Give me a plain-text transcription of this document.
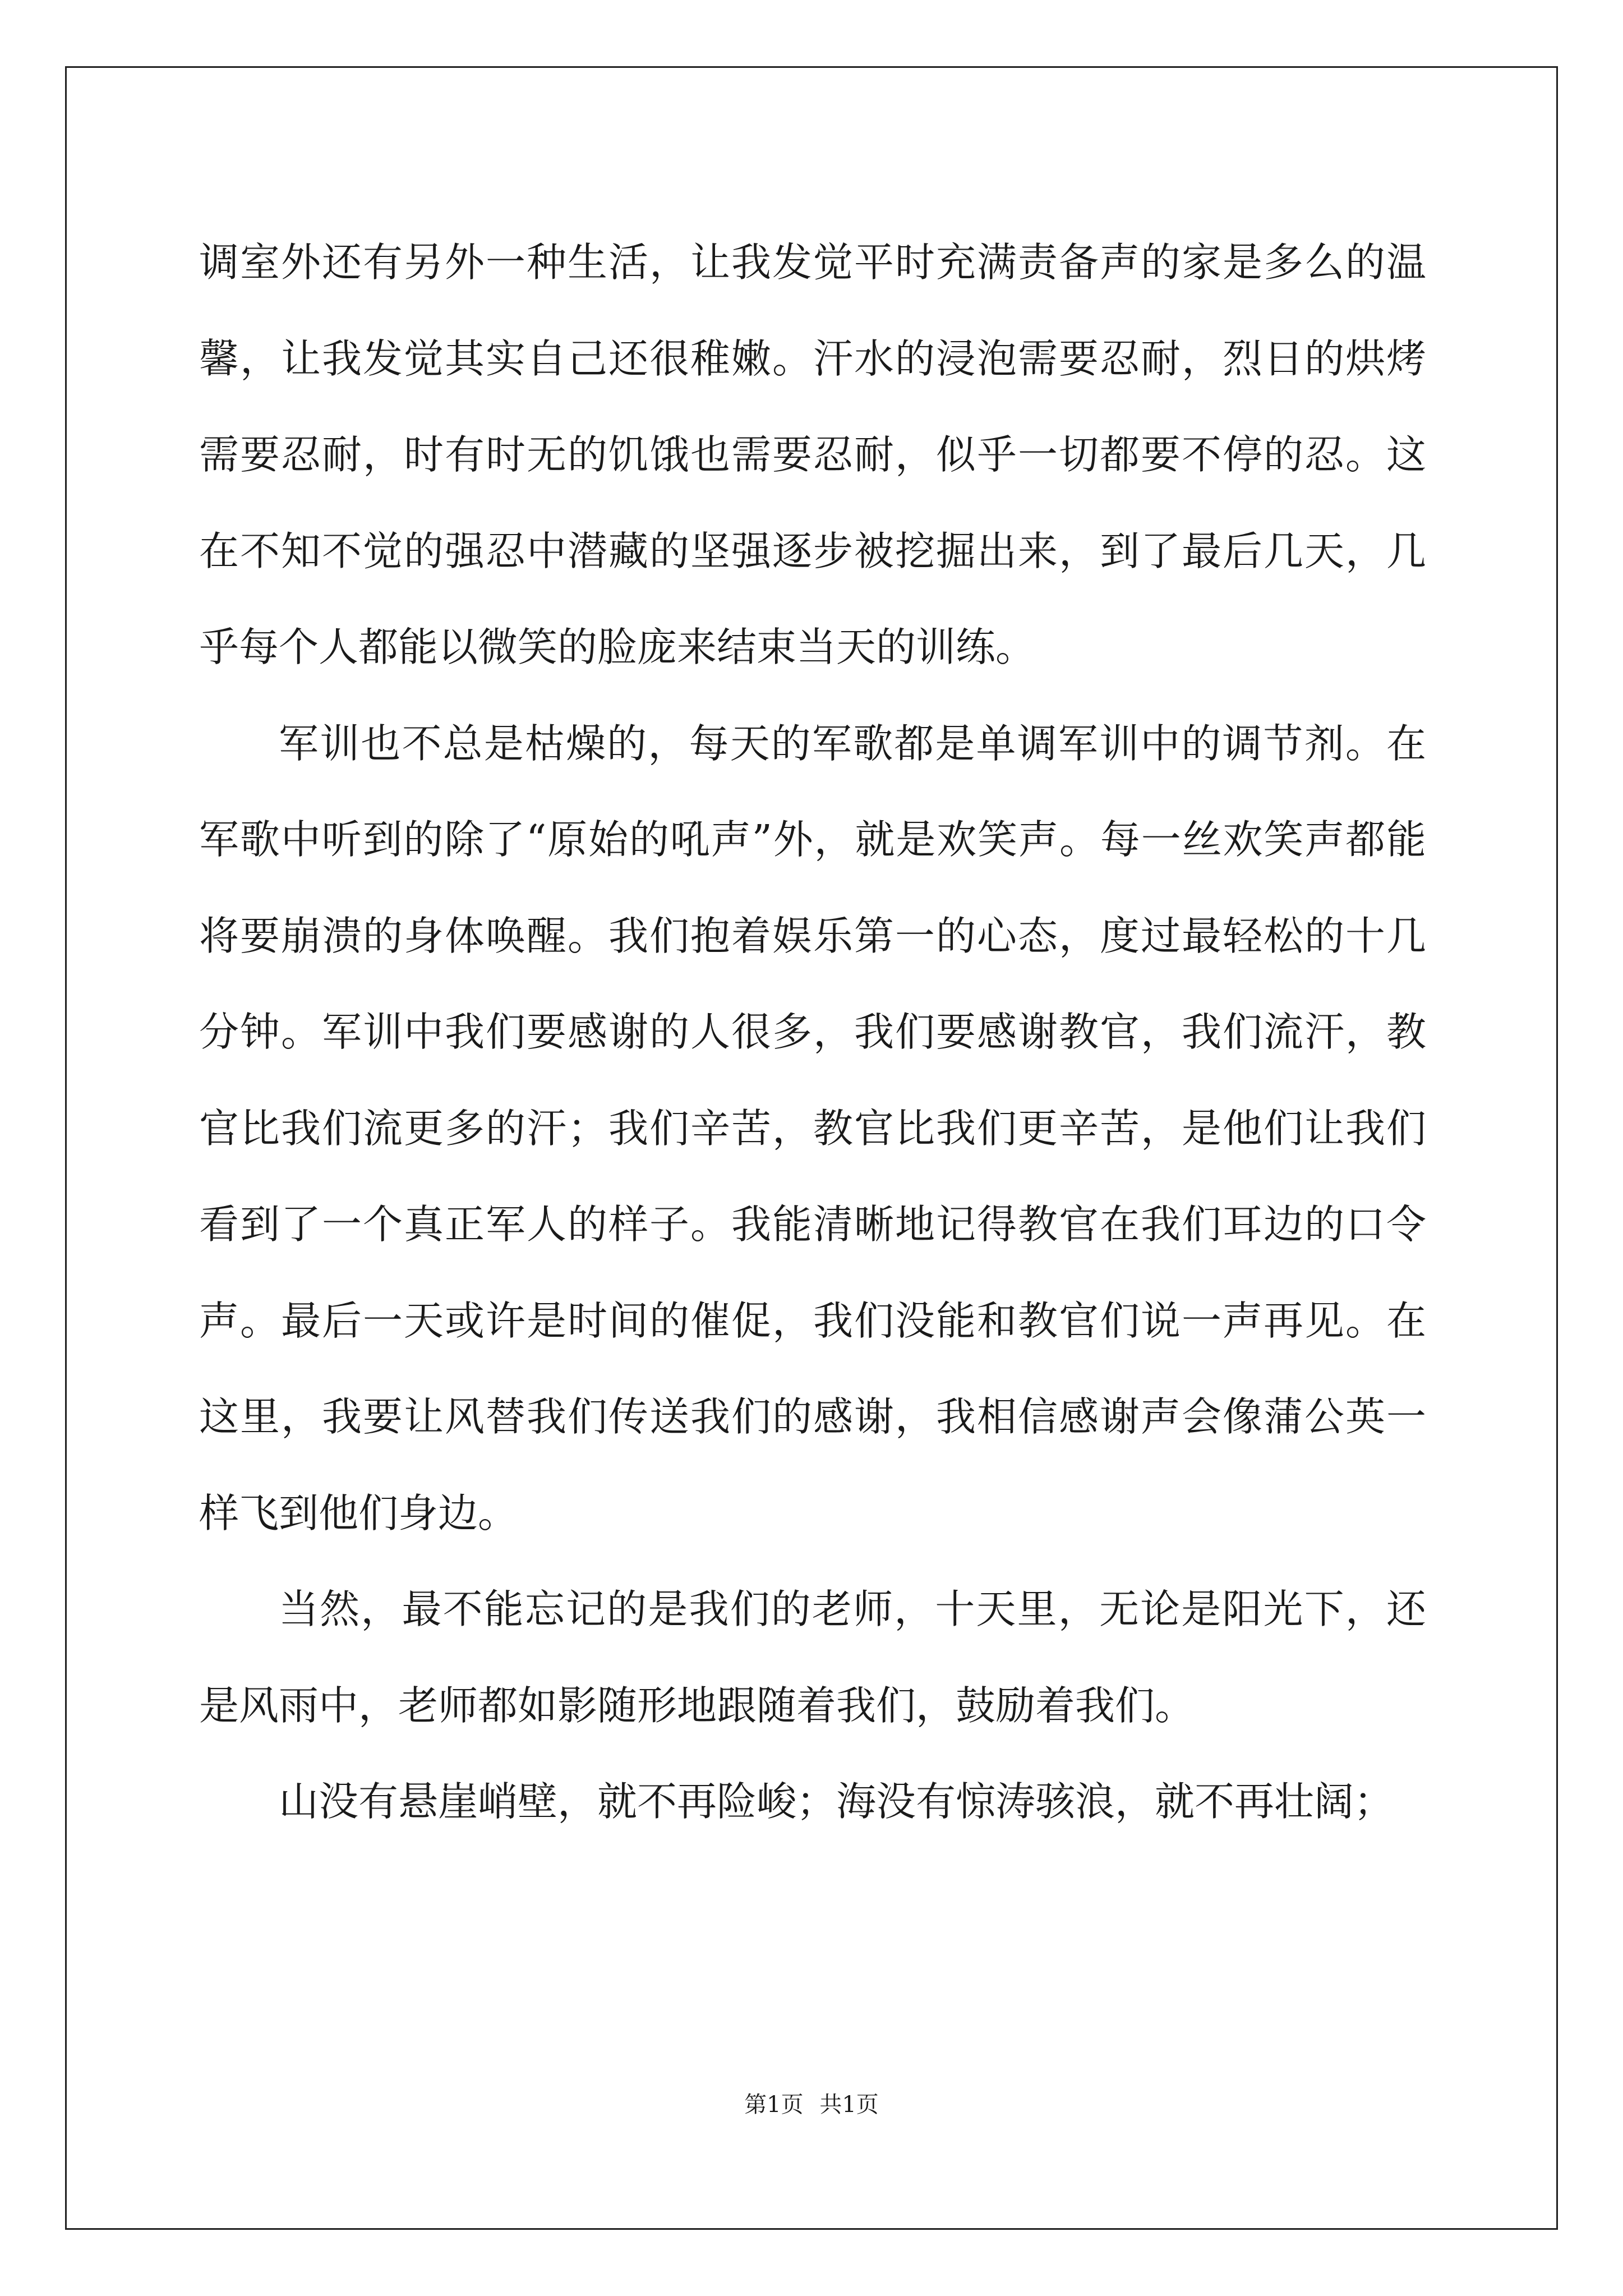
调室外还有另外一种生活，让我发觉平时充满责备声的家是多么的温馨，让我发觉其实自己还很稚嫩。汗水的浸泡需要忍耐，烈日的烘烤需要忍耐，时有时无的饥饿也需要忍耐，似乎一切都要不停的忍。这在不知不觉的强忍中潜藏的坚强逐步被挖掘出来，到了最后几天，几乎每个人都能以微笑的脸庞来结束当天的训练。

军训也不总是枯燥的，每天的军歌都是单调军训中的调节剂。在军歌中听到的除了“原始的吼声”外，就是欢笑声。每一丝欢笑声都能将要崩溃的身体唤醒。我们抱着娱乐第一的心态，度过最轻松的十几分钟。军训中我们要感谢的人很多，我们要感谢教官，我们流汗，教官比我们流更多的汗；我们辛苦，教官比我们更辛苦，是他们让我们看到了一个真正军人的样子。我能清晰地记得教官在我们耳边的口令声。最后一天或许是时间的催促，我们没能和教官们说一声再见。在这里，我要让风替我们传送我们的感谢，我相信感谢声会像蒲公英一样飞到他们身边。

当然，最不能忘记的是我们的老师，十天里，无论是阳光下，还是风雨中，老师都如影随形地跟随着我们，鼓励着我们。

山没有悬崖峭壁，就不再险峻；海没有惊涛骇浪，就不再壮阔；

第1页 共1页
